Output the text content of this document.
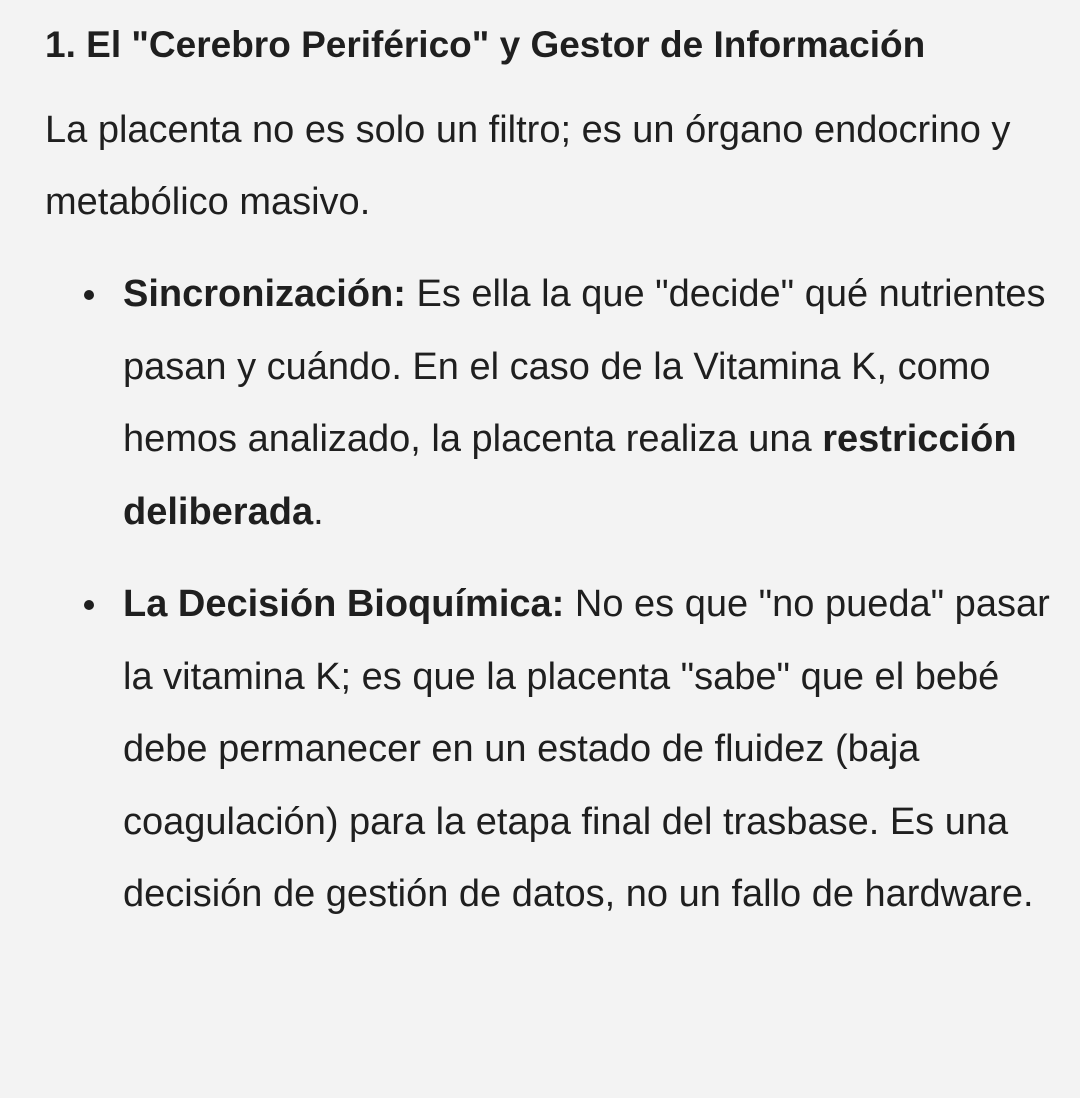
1. El "Cerebro Periférico" y Gestor de Información

La placenta no es solo un filtro; es un órgano endocrino y metabólico masivo.

Sincronización: Es ella la que "decide" qué nutrientes pasan y cuándo. En el caso de la Vitamina K, como hemos analizado, la placenta realiza una restricción deliberada.
La Decisión Bioquímica: No es que "no pueda" pasar la vitamina K; es que la placenta "sabe" que el bebé debe permanecer en un estado de fluidez (baja coagulación) para la etapa final del trasbase. Es una decisión de gestión de datos, no un fallo de hardware.
